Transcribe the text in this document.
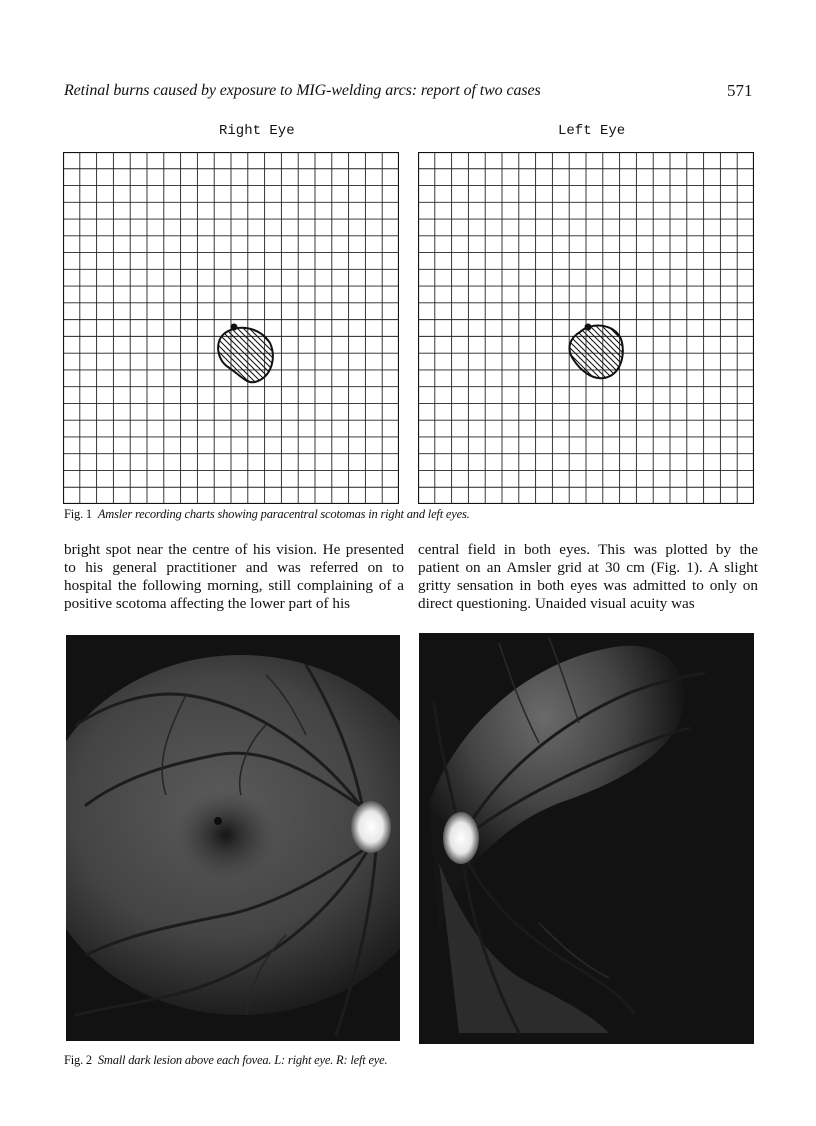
Retinal burns caused by exposure to MIG-welding arcs: report of two cases	571
Right Eye	Left Eye
Fig. 1 Amsler recording charts showing paracentral scotomas in right and left eyes.

bright spot near the centre of his vision. He presented to his general practitioner and was referred on to hospital the following morning, still complaining of a positive scotoma affecting the lower part of his

central field in both eyes. This was plotted by the patient on an Amsler grid at 30 cm (Fig. 1). A slight gritty sensation in both eyes was admitted to only on direct questioning. Unaided visual acuity was

Fig. 2 Small dark lesion above each fovea. L: right eye. R: left eye.
